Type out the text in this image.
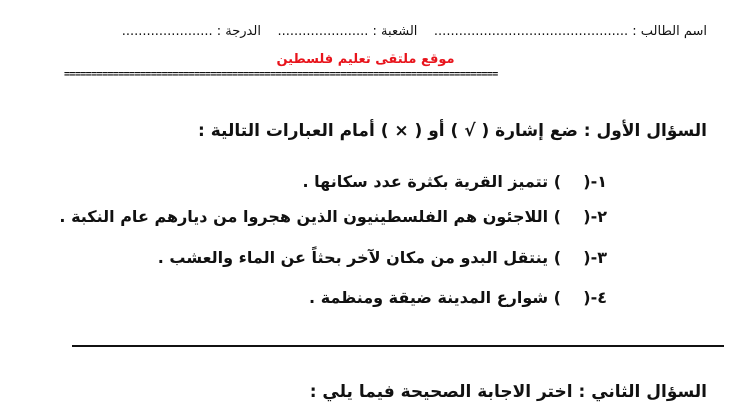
اسم الطالب : ...............................................    الشعبة : ......................    الدرجة : ......................
موقع ملتقى تعليم فلسطين
================================================================================
السؤال الأول : ضع إشارة ( √ ) أو ( × ) أمام العبارات التالية :
١-() تتميز القرية بكثرة عدد سكانها .
٢-() اللاجئون هم الفلسطينيون الذين هجروا من ديارهم عام النكبة .
٣-() ينتقل البدو من مكان لآخر بحثاً عن الماء والعشب .
٤-() شوارع المدينة ضيقة ومنظمة .
السؤال الثاني : اختر الاجابة الصحيحة فيما يلي :
